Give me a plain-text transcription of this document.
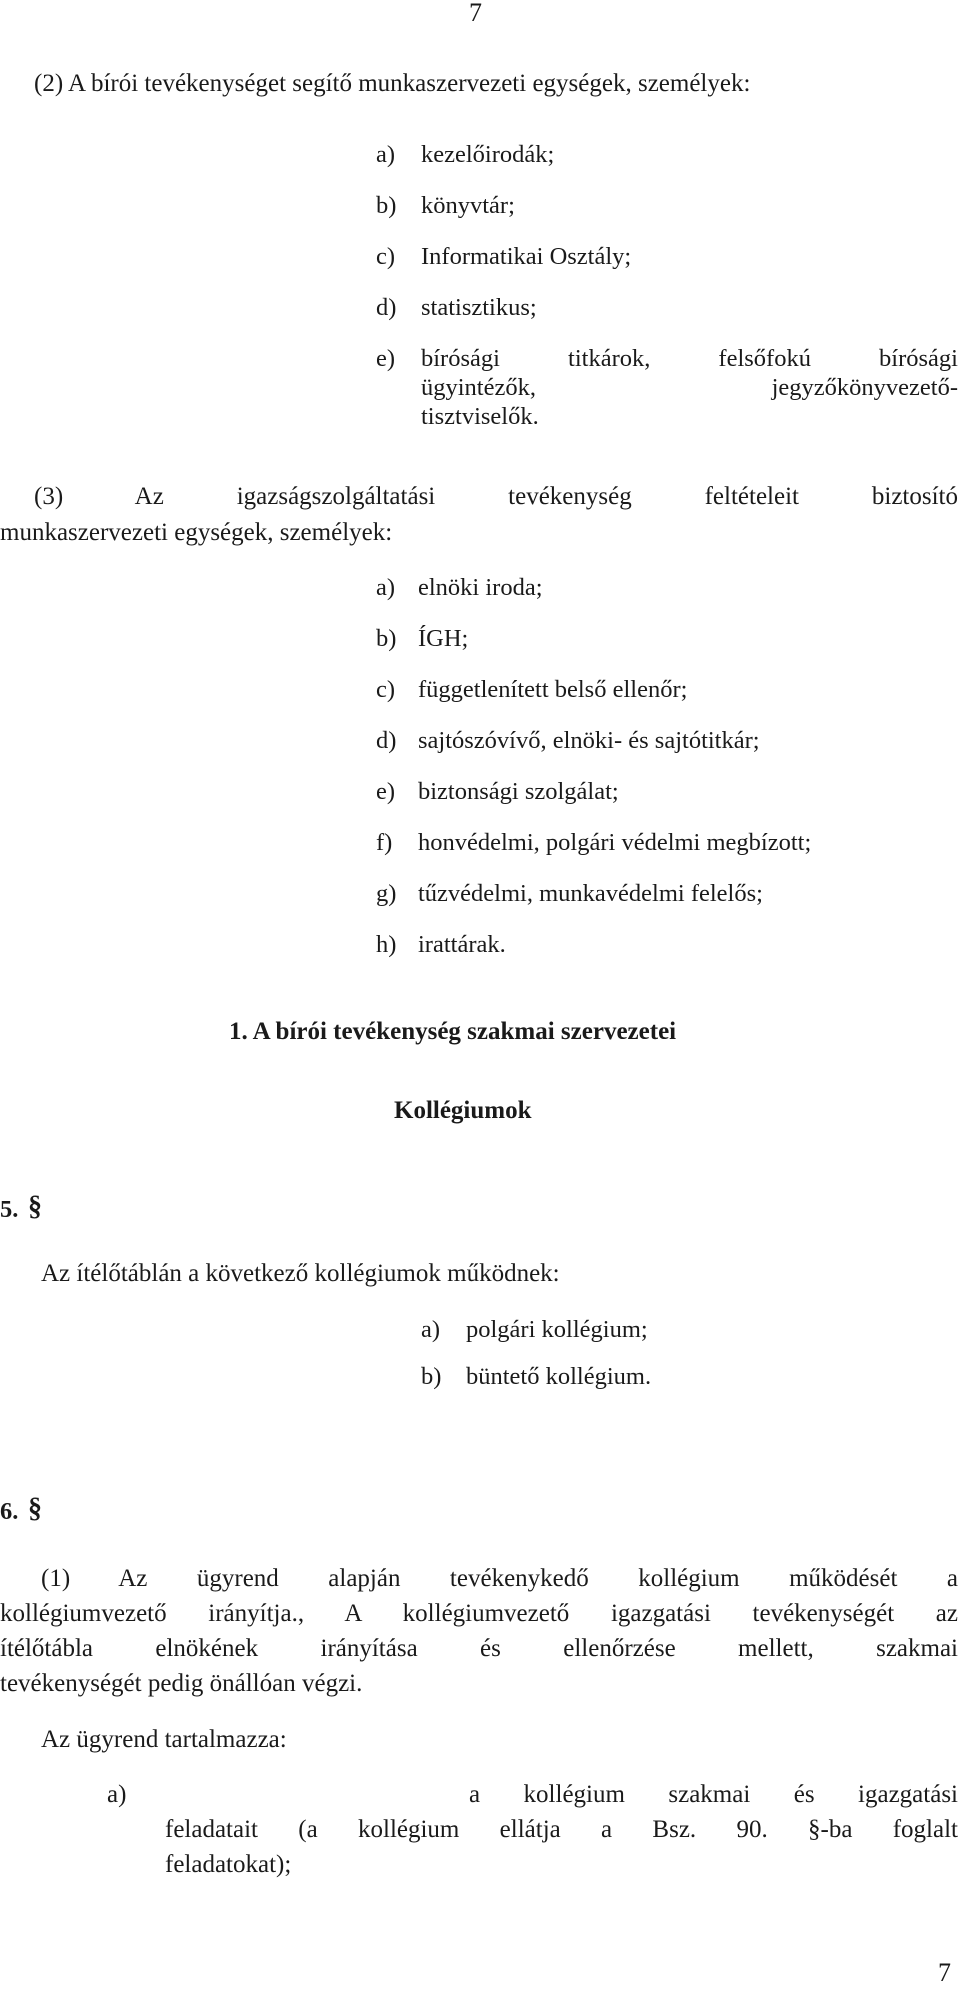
7
(2) A bírói tevékenységet segítő munkaszervezeti egységek, személyek:
a) kezelőirodák;
b) könyvtár;
c) Informatikai Osztály;
d) statisztikus;
e) bírósági titkárok, felsőfokú bírósági
ügyintézők, jegyzőkönyvezető-
tisztviselők.
(3) Az igazságszolgáltatási tevékenység feltételeit biztosító
munkaszervezeti egységek, személyek:
a) elnöki iroda;
b) ÍGH;
c) függetlenített belső ellenőr;
d) sajtószóvívő, elnöki- és sajtótitkár;
e) biztonsági szolgálat;
f) honvédelmi, polgári védelmi megbízott;
g) tűzvédelmi, munkavédelmi felelős;
h) irattárak.
1. A bírói tevékenység szakmai szervezetei
Kollégiumok
5. §
Az ítélőtáblán a következő kollégiumok működnek:
a) polgári kollégium;
b) büntető kollégium.
6. §
(1) Az ügyrend alapján tevékenykedő kollégium működését a
kollégiumvezető irányítja., A kollégiumvezető igazgatási tevékenységét az
ítélőtábla elnökének irányítása és ellenőrzése mellett, szakmai
tevékenységét pedig önállóan végzi.
Az ügyrend tartalmazza:
a)	a kollégium szakmai és igazgatási
feladatait (a kollégium ellátja a Bsz. 90. §-ba foglalt
feladatokat);
7
